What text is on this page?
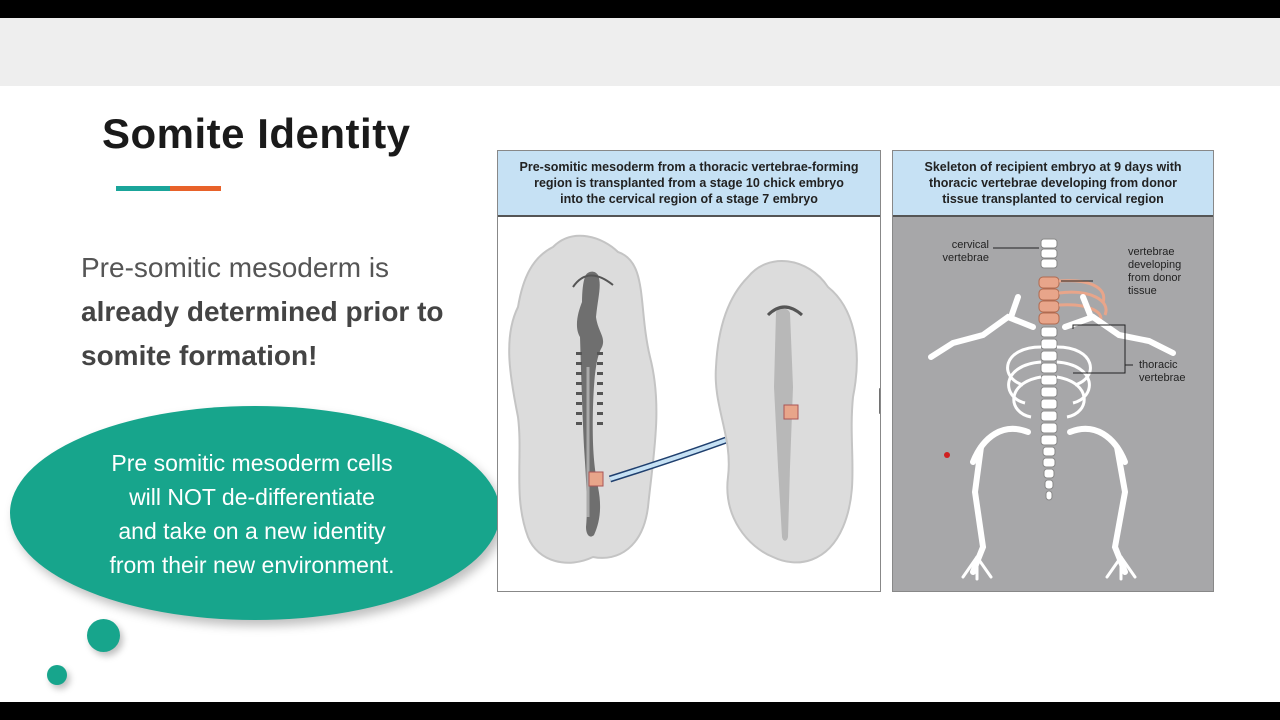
Somite Identity
Pre-somitic mesoderm is
already determined prior to
somite formation!
Pre somitic mesoderm cells
will NOT de-differentiate
and take on a new identity
from their new environment.
Pre-somitic mesoderm from a thoracic vertebrae-forming
region is transplanted from a stage 10 chick embryo
into the cervical region of a stage 7 embryo
Skeleton of recipient embryo at 9 days with
thoracic vertebrae developing from donor
tissue transplanted to cervical region
cervical
vertebrae	vertebrae
developing
from donor
tissue
thoracic
vertebrae
